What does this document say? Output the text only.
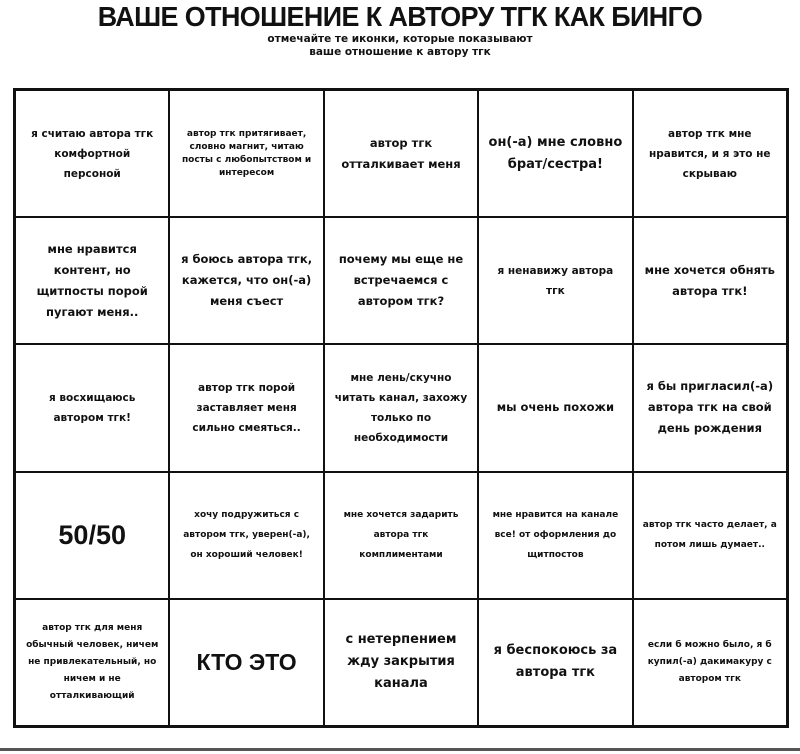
ВАШЕ ОТНОШЕНИЕ К АВТОРУ ТГК КАК БИНГО
отмечайте те иконки, которые показывают ваше отношение к автору тгк
я считаю автора тгк комфортной персоной
автор тгк притягивает, словно магнит, читаю посты с любопытством и интересом
автор тгк отталкивает меня
он(-а) мне словно брат/сестра!
автор тгк мне нравится, и я это не скрываю
мне нравится контент, но щитпосты порой пугают меня..
я боюсь автора тгк, кажется, что он(-а) меня съест
почему мы еще не встречаемся с автором тгк?
я ненавижу автора тгк
мне хочется обнять автора тгк!
я восхищаюсь автором тгк!
автор тгк порой заставляет меня сильно смеяться..
мне лень/скучно читать канал, захожу только по необходимости
мы очень похожи
я бы пригласил(-а) автора тгк на свой день рождения
50/50
хочу подружиться с автором тгк, уверен(-а), он хороший человек!
мне хочется задарить автора тгк комплиментами
мне нравится на канале все! от оформления до щитпостов
автор тгк часто делает, а потом лишь думает..
автор тгк для меня обычный человек, ничем не привлекательный, но ничем и не отталкивающий
КТО ЭТО
с нетерпением жду закрытия канала
я беспокоюсь за автора тгк
если б можно было, я б купил(-а) дакимакуру с автором тгк
